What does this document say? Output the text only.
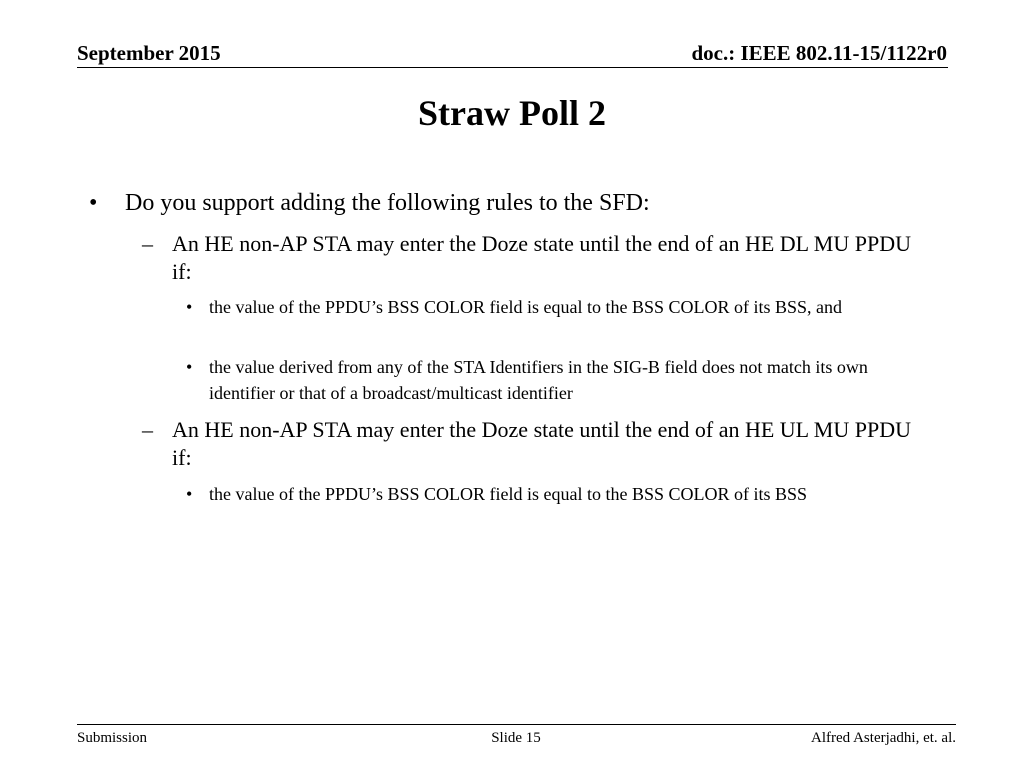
September 2015	doc.: IEEE 802.11-15/1122r0
Straw Poll 2
• Do you support adding the following rules to the SFD:
– An HE non-AP STA may enter the Doze state until the end of an HE DL MU PPDU if:
• the value of the PPDU’s BSS COLOR field is equal to the BSS COLOR of its BSS, and
• the value derived from any of the STA Identifiers in the SIG-B field does not match its own identifier or that of a broadcast/multicast identifier
– An HE non-AP STA may enter the Doze state until the end of an HE UL MU PPDU if:
• the value of the PPDU’s BSS COLOR field is equal to the BSS COLOR of its BSS
Submission	Slide 15	Alfred Asterjadhi, et. al.
